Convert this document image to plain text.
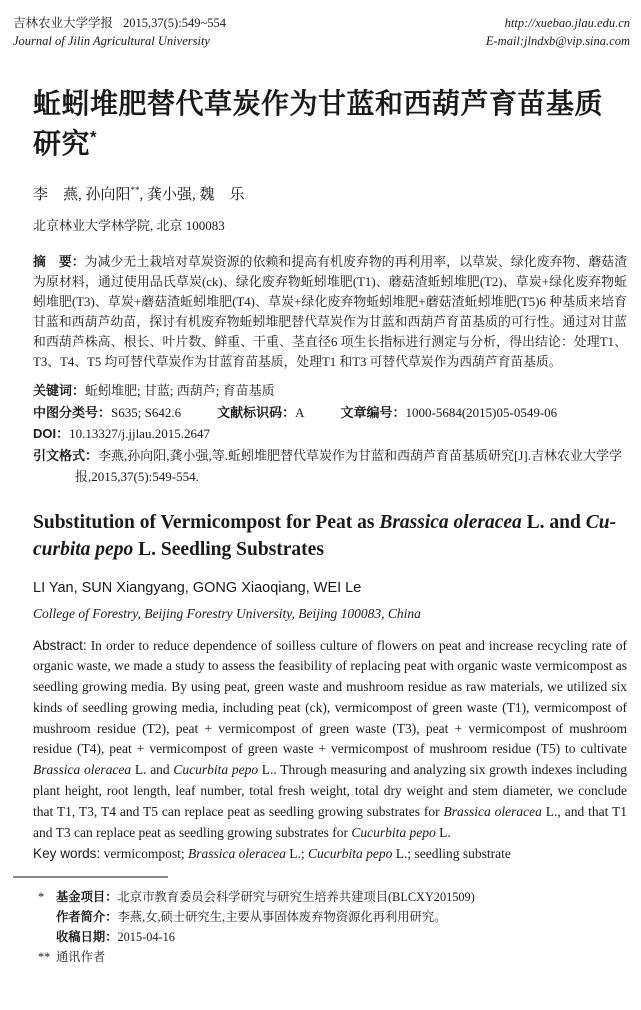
吉林农业大学学报 2015,37(5):549~554
Journal of Jilin Agricultural University
http://xuebao.jlau.edu.cn
E-mail:jlndxb@vip.sina.com
蚯蚓堆肥替代草炭作为甘蓝和西葫芦育苗基质研究*
李　燕, 孙向阳**, 龚小强, 魏　乐
北京林业大学林学院, 北京 100083

摘　要：为减少无土栽培对草炭资源的依赖和提高有机废弃物的再利用率，以草炭、绿化废弃物、蘑菇渣为原材料，通过使用品氏草炭(ck)、绿化废弃物蚯蚓堆肥(T1)、蘑菇渣蚯蚓堆肥(T2)、草炭+绿化废弃物蚯蚓堆肥(T3)、草炭+蘑菇渣蚯蚓堆肥(T4)、草炭+绿化废弃物蚯蚓堆肥+蘑菇渣蚯蚓堆肥(T5)6 种基质来培育甘蓝和西葫芦幼苗，探讨有机废弃物蚯蚓堆肥替代草炭作为甘蓝和西葫芦育苗基质的可行性。通过对甘蓝和西葫芦株高、根长、叶片数、鲜重、干重、茎直径6 项生长指标进行测定与分析，得出结论：处理T1、T3、T4、T5 均可替代草炭作为甘蓝育苗基质，处理T1 和T3 可替代草炭作为西葫芦育苗基质。

关键词：蚯蚓堆肥; 甘蓝; 西葫芦; 育苗基质
中图分类号：S635; S642.6	文献标识码：A	文章编号：1000-5684(2015)05-0549-06
DOI：10.13327/j.jjlau.2015.2647
引文格式：李燕,孙向阳,龚小强,等.蚯蚓堆肥替代草炭作为甘蓝和西葫芦育苗基质研究[J].吉林农业大学学报,2015,37(5):549-554.
Substitution of Vermicompost for Peat as Brassica oleracea L. and Cu-
curbita pepo L. Seedling Substrates
LI Yan, SUN Xiangyang, GONG Xiaoqiang, WEI Le
College of Forestry, Beijing Forestry University, Beijing 100083, China

Abstract: In order to reduce dependence of soilless culture of flowers on peat and increase recycling rate of organic waste, we made a study to assess the feasibility of replacing peat with organic waste vermicompost as seedling growing media. By using peat, green waste and mushroom residue as raw materials, we utilized six kinds of seedling growing media, including peat (ck), vermicompost of green waste (T1), vermicompost of mushroom residue (T2), peat + vermicompost of green waste (T3), peat + vermicompost of mushroom residue (T4), peat + vermicompost of green waste + vermicompost of mushroom residue (T5) to cultivate Brassica oleracea L. and Cucurbita pepo L.. Through measuring and analyzing six growth indexes including plant height, root length, leaf number, total fresh weight, total dry weight and stem diameter, we conclude that T1, T3, T4 and T5 can replace peat as seedling growing substrates for Brassica oleracea L., and that T1 and T3 can replace peat as seedling growing substrates for Cucurbita pepo L.

Key words: vermicompost; Brassica oleracea L.; Cucurbita pepo L.; seedling substrate

* 基金项目：北京市教育委员会科学研究与研究生培养共建项目(BLCXY201509)
作者简介：李燕,女,硕士研究生,主要从事固体废弃物资源化再利用研究。
收稿日期：2015-04-16
** 通讯作者
